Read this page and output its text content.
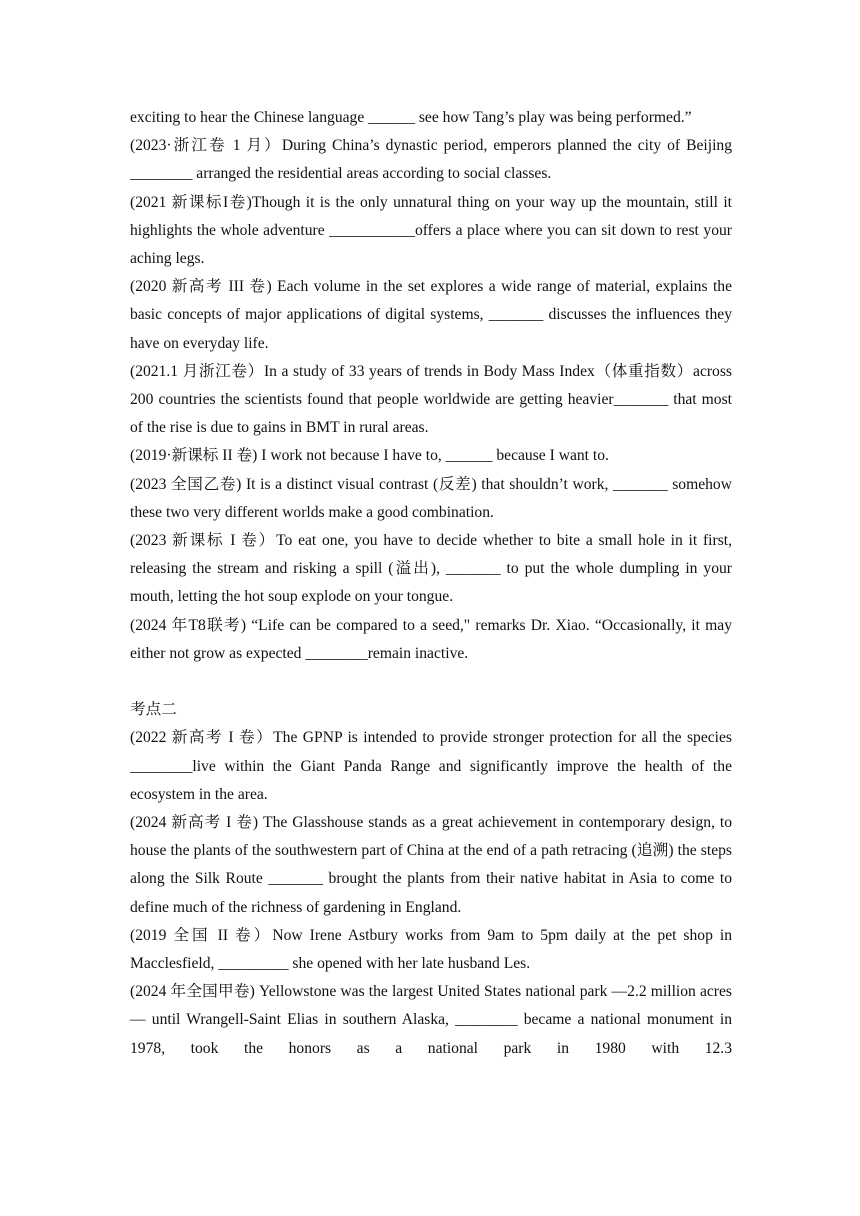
exciting to hear the Chinese language ______ see how Tang’s play was being performed.”

(2023·浙江卷 1 月）During China’s dynastic period, emperors planned the city of Beijing ________ arranged the residential areas according to social classes.

(2021 新课标I卷)Though it is the only unnatural thing on your way up the mountain, still it highlights the whole adventure ___________offers a place where you can sit down to rest your aching legs.

(2020 新高考 III 卷) Each volume in the set explores a wide range of material, explains the basic concepts of major applications of digital systems, _______ discusses the influences they have on everyday life.

(2021.1 月浙江卷）In a study of 33 years of trends in Body Mass Index（体重指数）across 200 countries the scientists found that people worldwide are getting heavier_______ that most of the rise is due to gains in BMT in rural areas.

(2019·新课标 II 卷) I work not because I have to, ______ because I want to.

(2023 全国乙卷) It is a distinct visual contrast (反差) that shouldn’t work, _______ somehow these two very different worlds make a good combination.

(2023 新课标 I 卷）To eat one, you have to decide whether to bite a small hole in it first, releasing the stream and risking a spill (溢出), _______ to put the whole dumpling in your mouth, letting the hot soup explode on your tongue.

(2024 年T8联考) “Life can be compared to a seed," remarks Dr. Xiao. “Occasionally, it may either not grow as expected ________remain inactive.

考点二

(2022 新高考 I 卷）The GPNP is intended to provide stronger protection for all the species ________live within the Giant Panda Range and significantly improve the health of the ecosystem in the area.

(2024 新高考 I 卷) The Glasshouse stands as a great achievement in contemporary design, to house the plants of the southwestern part of China at the end of a path retracing (追溯) the steps along the Silk Route _______ brought the plants from their native habitat in Asia to come to define much of the richness of gardening in England.

(2019 全国 II 卷）Now Irene Astbury works from 9am to 5pm daily at the pet shop in Macclesfield, _________ she opened with her late husband Les.

(2024 年全国甲卷) Yellowstone was the largest United States national park —2.2 million acres — until Wrangell-Saint Elias in southern Alaska, ________ became a national monument in 1978, took the honors as a national park in 1980 with 12.3
